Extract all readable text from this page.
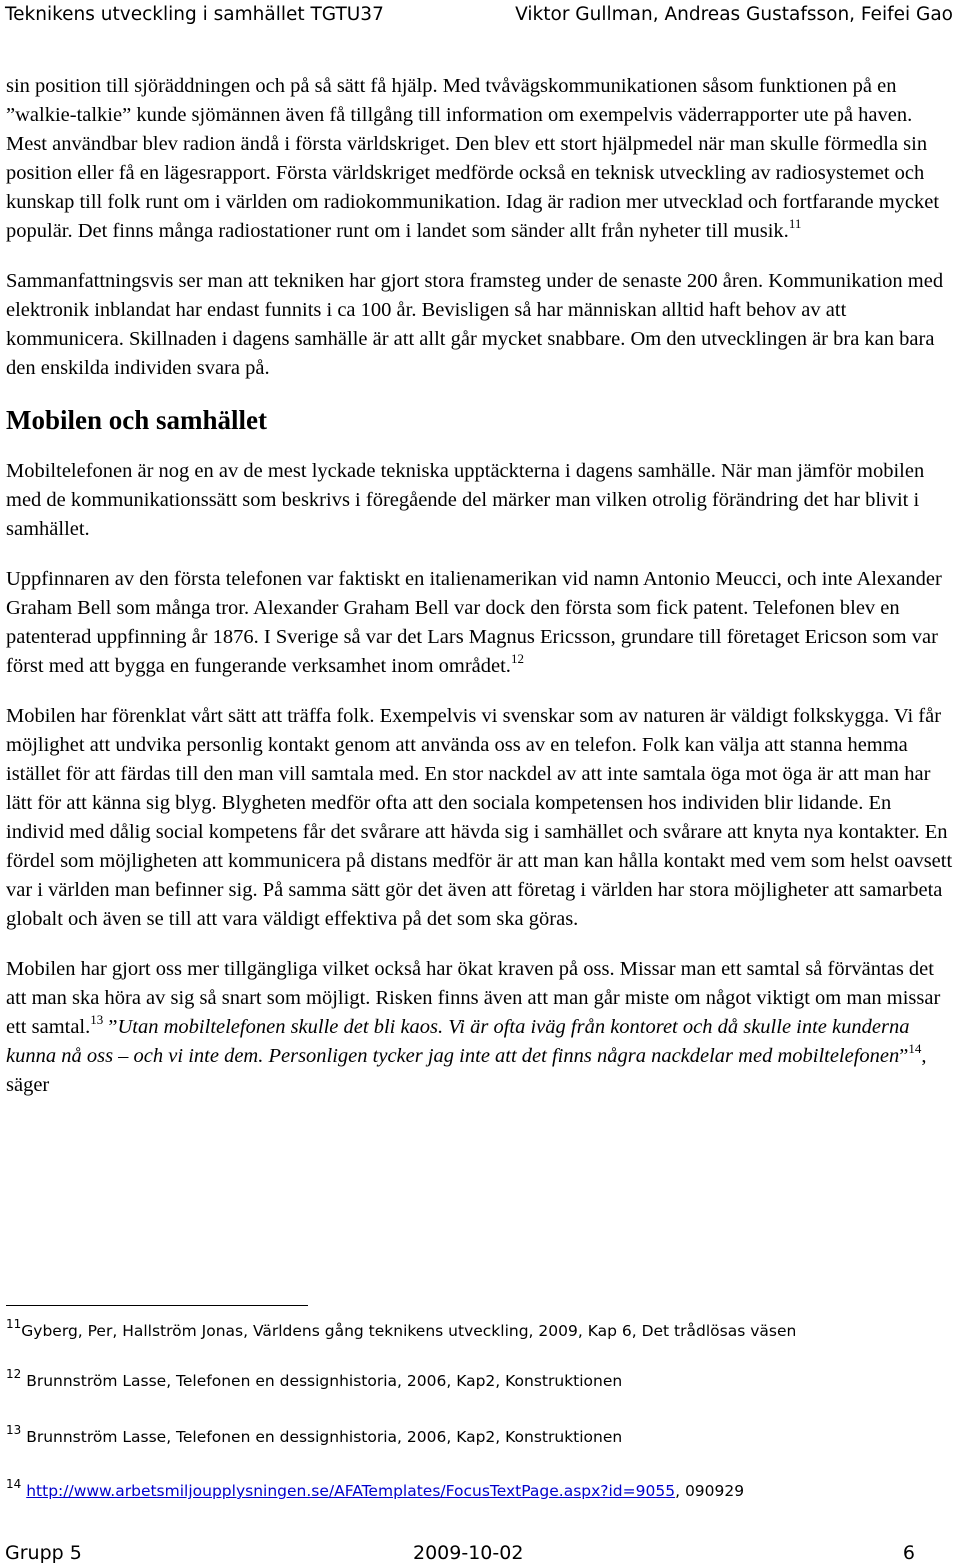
Teknikens utveckling i samhället TGTU37	Viktor Gullman, Andreas Gustafsson, Feifei Gao

sin position till sjöräddningen och på så sätt få hjälp. Med tvåvägskommunikationen såsom funktionen på en ”walkie-talkie” kunde sjömännen även få tillgång till information om exempelvis väderrapporter ute på haven. Mest användbar blev radion ändå i första världskriget. Den blev ett stort hjälpmedel när man skulle förmedla sin position eller få en lägesrapport. Första världskriget medförde också en teknisk utveckling av radiosystemet och kunskap till folk runt om i världen om radiokommunikation. Idag är radion mer utvecklad och fortfarande mycket populär. Det finns många radiostationer runt om i landet som sänder allt från nyheter till musik.$^{11}$

Sammanfattningsvis ser man att tekniken har gjort stora framsteg under de senaste 200 åren. Kommunikation med elektronik inblandat har endast funnits i ca 100 år. Bevisligen så har människan alltid haft behov av att kommunicera. Skillnaden i dagens samhälle är att allt går mycket snabbare. Om den utvecklingen är bra kan bara den enskilda individen svara på.

Mobilen och samhället

Mobiltelefonen är nog en av de mest lyckade tekniska upptäckterna i dagens samhälle. När man jämför mobilen med de kommunikationssätt som beskrivs i föregående del märker man vilken otrolig förändring det har blivit i samhället.

Uppfinnaren av den första telefonen var faktiskt en italienamerikan vid namn Antonio Meucci, och inte Alexander Graham Bell som många tror. Alexander Graham Bell var dock den första som fick patent. Telefonen blev en patenterad uppfinning år 1876. I Sverige så var det Lars Magnus Ericsson, grundare till företaget Ericson som var först med att bygga en fungerande verksamhet inom området.$^{12}$

Mobilen har förenklat vårt sätt att träffa folk. Exempelvis vi svenskar som av naturen är väldigt folkskygga. Vi får möjlighet att undvika personlig kontakt genom att använda oss av en telefon. Folk kan välja att stanna hemma istället för att färdas till den man vill samtala med. En stor nackdel av att inte samtala öga mot öga är att man har lätt för att känna sig blyg. Blygheten medför ofta att den sociala kompetensen hos individen blir lidande. En individ med dålig social kompetens får det svårare att hävda sig i samhället och svårare att knyta nya kontakter. En fördel som möjligheten att kommunicera på distans medför är att man kan hålla kontakt med vem som helst oavsett var i världen man befinner sig. På samma sätt gör det även att företag i världen har stora möjligheter att samarbeta globalt och även se till att vara väldigt effektiva på det som ska göras.

Mobilen har gjort oss mer tillgängliga vilket också har ökat kraven på oss. Missar man ett samtal så förväntas det att man ska höra av sig så snart som möjligt. Risken finns även att man går miste om något viktigt om man missar ett samtal.$^{13}$ ”Utan mobiltelefonen skulle det bli kaos. Vi är ofta iväg från kontoret och då skulle inte kunderna kunna nå oss – och vi inte dem. Personligen tycker jag inte att det finns några nackdelar med mobiltelefonen”$^{14}$, säger

$^{11}$Gyberg, Per, Hallström Jonas, Världens gång teknikens utveckling, 2009, Kap 6, Det trådlösas väsen
$^{12}$ Brunnström Lasse, Telefonen en dessignhistoria, 2006, Kap2, Konstruktionen
$^{13}$ Brunnström Lasse, Telefonen en dessignhistoria, 2006, Kap2, Konstruktionen
$^{14}$ http://www.arbetsmiljoupplysningen.se/AFATemplates/FocusTextPage.aspx?id=9055, 090929
Grupp 5	2009-10-02	6
